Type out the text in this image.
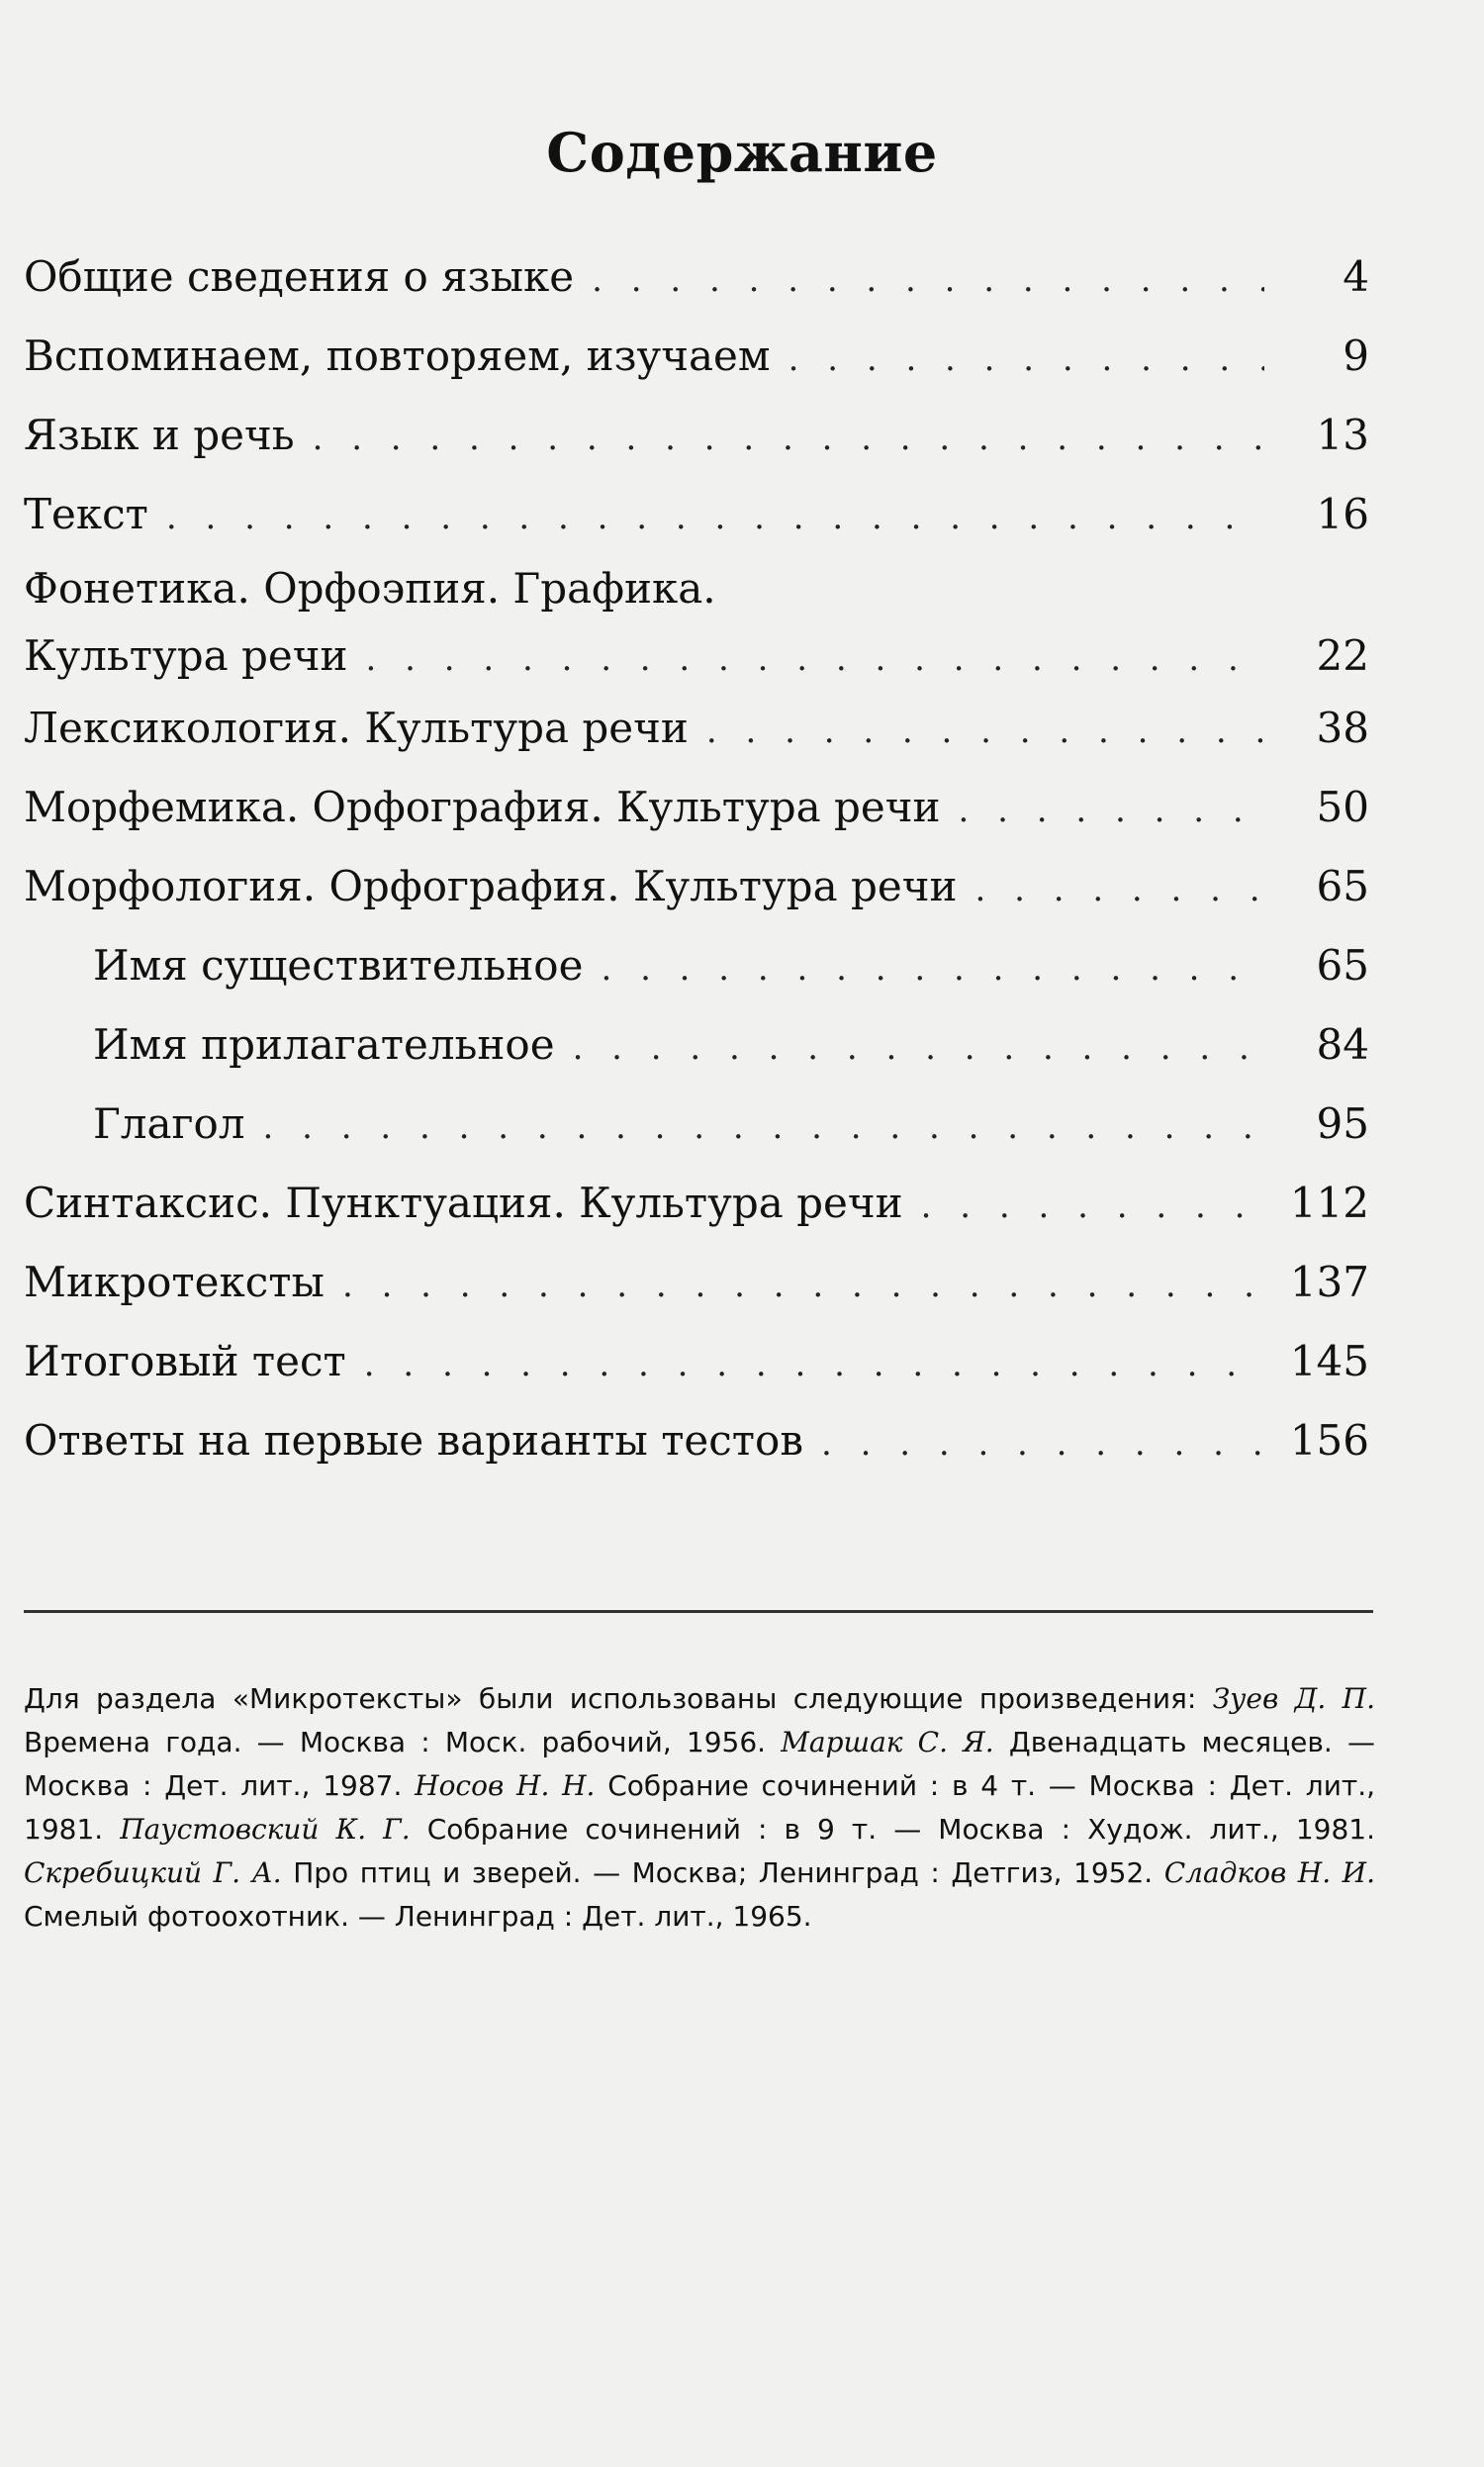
Содержание
Общие сведения о языке . . .	4
Вспоминаем, повторяем, изучаем . . .	9
Язык и речь . . .	13
Текст . . .	16
Фонетика. Орфоэпия. Графика.
Культура речи . . .	22
Лексикология. Культура речи . . .	38
Морфемика. Орфография. Культура речи . . .	50
Морфология. Орфография. Культура речи . . .	65
Имя существительное . . .	65
Имя прилагательное . . .	84
Глагол . . .	95
Синтаксис. Пунктуация. Культура речи . . .	112
Микротексты . . .	137
Итоговый тест . . .	145
Ответы на первые варианты тестов . . .	156

Для раздела «Микротексты» были использованы следующие произведения: Зуев Д. П. Времена года. — Москва : Моск. рабочий, 1956. Маршак С. Я. Двенадцать месяцев. — Москва : Дет. лит., 1987. Носов Н. Н. Собрание сочинений : в 4 т. — Москва : Дет. лит., 1981. Паустовский К. Г. Собрание сочинений : в 9 т. — Москва : Худож. лит., 1981. Скребицкий Г. А. Про птиц и зверей. — Москва; Ленинград : Детгиз, 1952. Сладков Н. И. Смелый фотоохотник. — Ленинград : Дет. лит., 1965.
